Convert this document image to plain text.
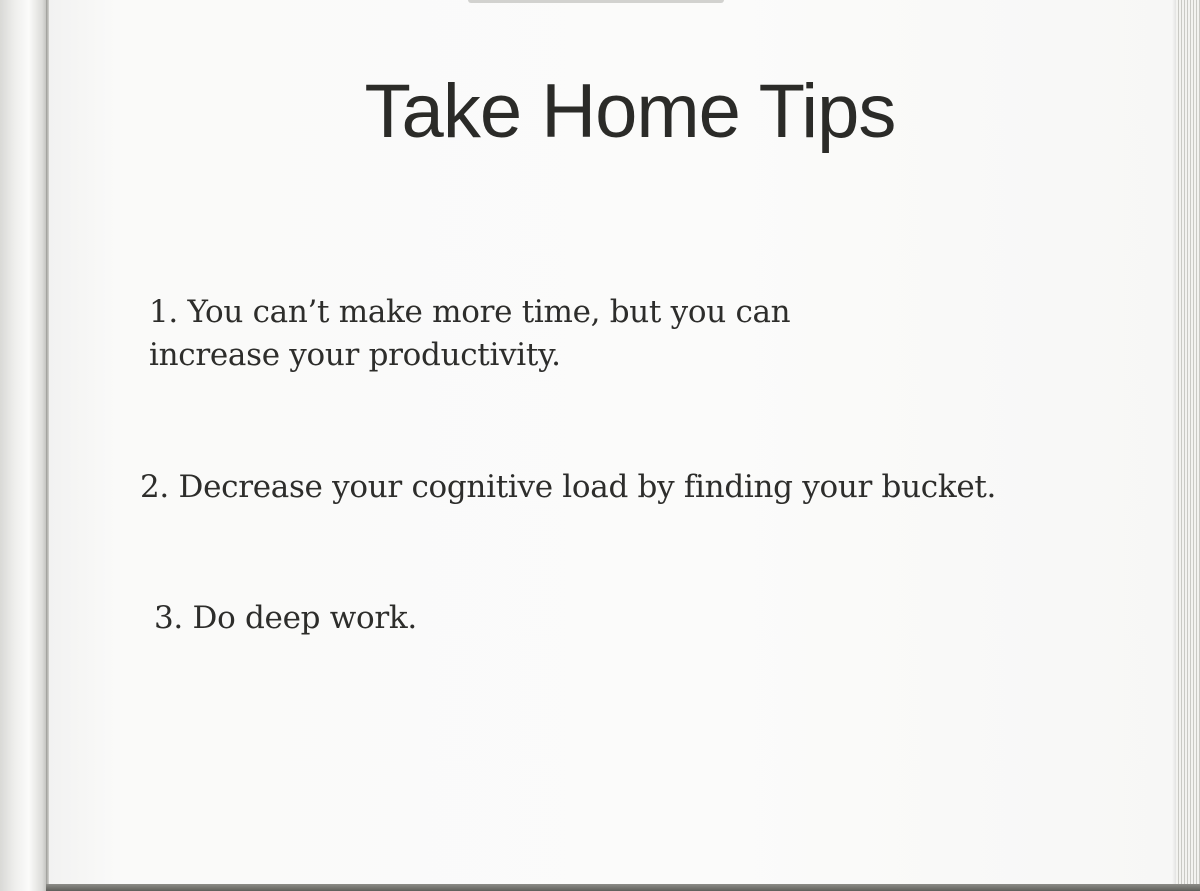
Take Home Tips
1. You can’t make more time, but you can
increase your productivity.
2. Decrease your cognitive load by finding your bucket.
3. Do deep work.
